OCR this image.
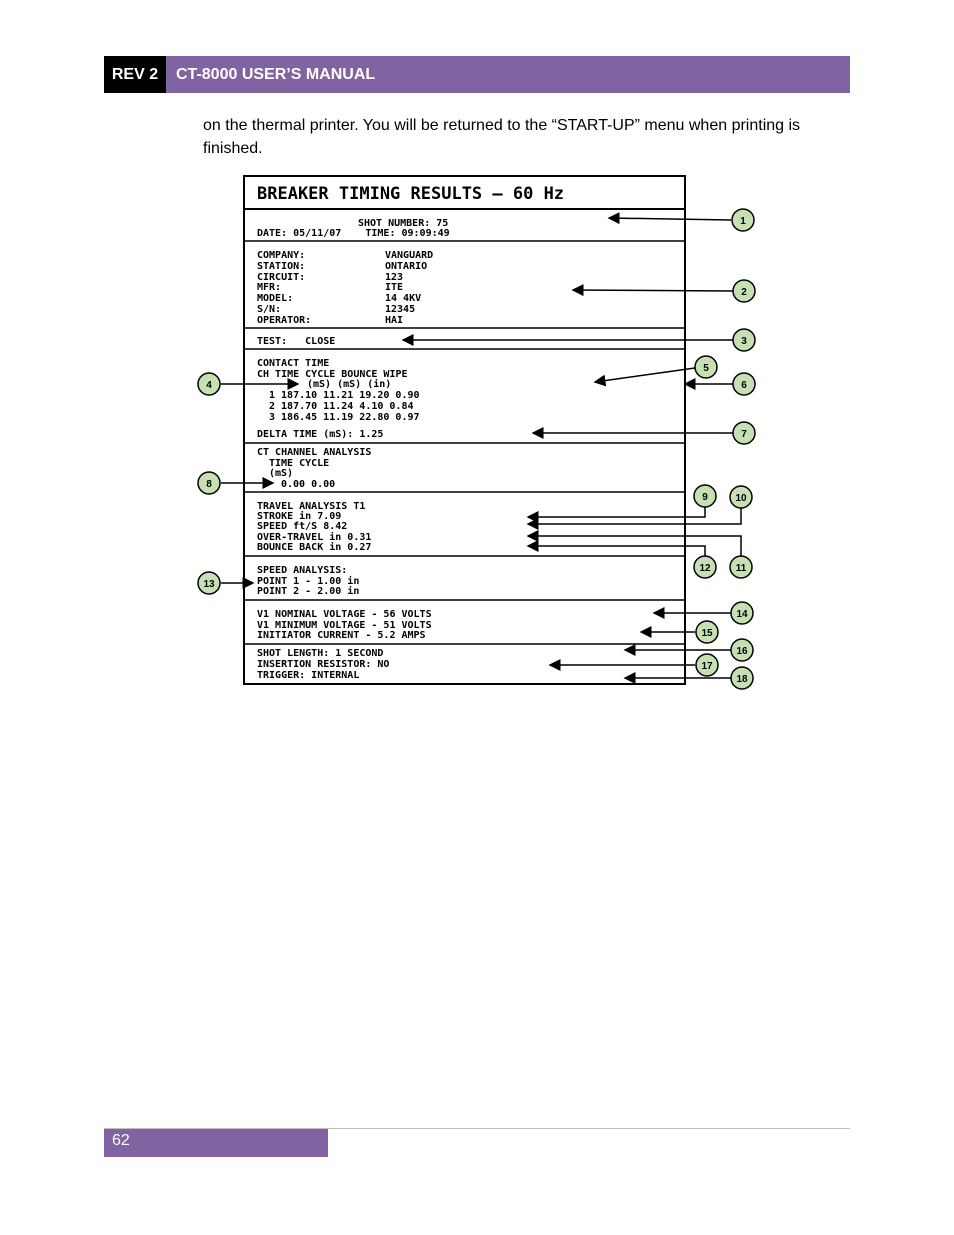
REV 2	CT-8000 USER’S MANUAL
on the thermal printer. You will be returned to the “START-UP” menu when printing is finished.
BREAKER TIMING RESULTS – 60 Hz
SHOT NUMBER: 75
DATE: 05/11/07    TIME: 09:09:49
COMPANY:	VANGUARD
STATION:	ONTARIO
CIRCUIT:	123
MFR:	ITE
MODEL:	14 4KV
S/N:	12345
OPERATOR:	HAI
TEST:   CLOSE
CONTACT TIME
CH TIME CYCLE BOUNCE WIPE
(mS) (mS) (in)
1 187.10 11.21 19.20 0.90
2 187.70 11.24 4.10 0.84
3 186.45 11.19 22.80 0.97
DELTA TIME (mS): 1.25
CT CHANNEL ANALYSIS
TIME CYCLE
(mS)
0.00 0.00
TRAVEL ANALYSIS T1
STROKE in 7.09
SPEED ft/S 8.42
OVER-TRAVEL in 0.31
BOUNCE BACK in 0.27
SPEED ANALYSIS:
POINT 1 - 1.00 in
POINT 2 - 2.00 in
V1 NOMINAL VOLTAGE - 56 VOLTS
V1 MINIMUM VOLTAGE - 51 VOLTS
INITIATOR CURRENT - 5.2 AMPS
SHOT LENGTH: 1 SECOND
INSERTION RESISTOR: NO
TRIGGER: INTERNAL
1
2
3
4
5
6
7
8
9	10
11
12
13
14
15
16
17
18
62
